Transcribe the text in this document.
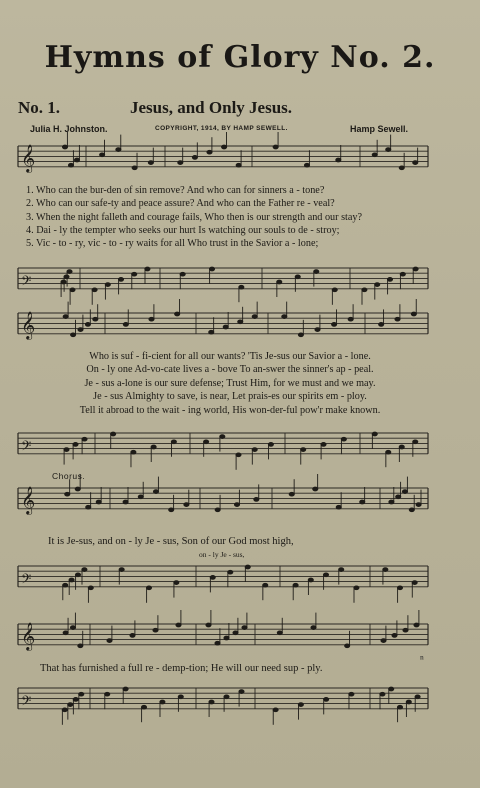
Hymns of Glory No. 2.
No. 1.	Jesus, and Only Jesus.
Julia H. Johnston.	COPYRIGHT, 1914, BY HAMP SEWELL.	Hamp Sewell.
𝄞
𝄢
𝄞
𝄢
𝄞
𝄢
𝄞
𝄢
1. Who can the bur-den of sin remove? And who can for sinners a - tone?
2. Who can our safe-ty and peace assure? And who can the Father re - veal?
3. When the night falleth and courage fails, Who then is our strength and our stay?
4. Dai - ly the tempter who seeks our hurt Is watching our souls to de - stroy;
5. Vic - to - ry, vic - to - ry waits for all Who trust in the Savior a - lone;
Who is suf - fi-cient for all our wants? 'Tis Je-sus our Savior a - lone.
On - ly one Ad-vo-cate lives a - bove To an-swer the sinner's ap - peal.
Je - sus a-lone is our sure defense; Trust Him, for we must and we may.
Je - sus Almighty to save, is near, Let prais-es our spirits em - ploy.
Tell it abroad to the wait - ing world, His won-der-ful pow'r make known.
Chorus.
It is Je-sus, and on - ly Je - sus, Son of our God most high,
on - ly Je - sus,
That has furnished a full re - demp-tion; He will our need sup - ply.
ⁿ
